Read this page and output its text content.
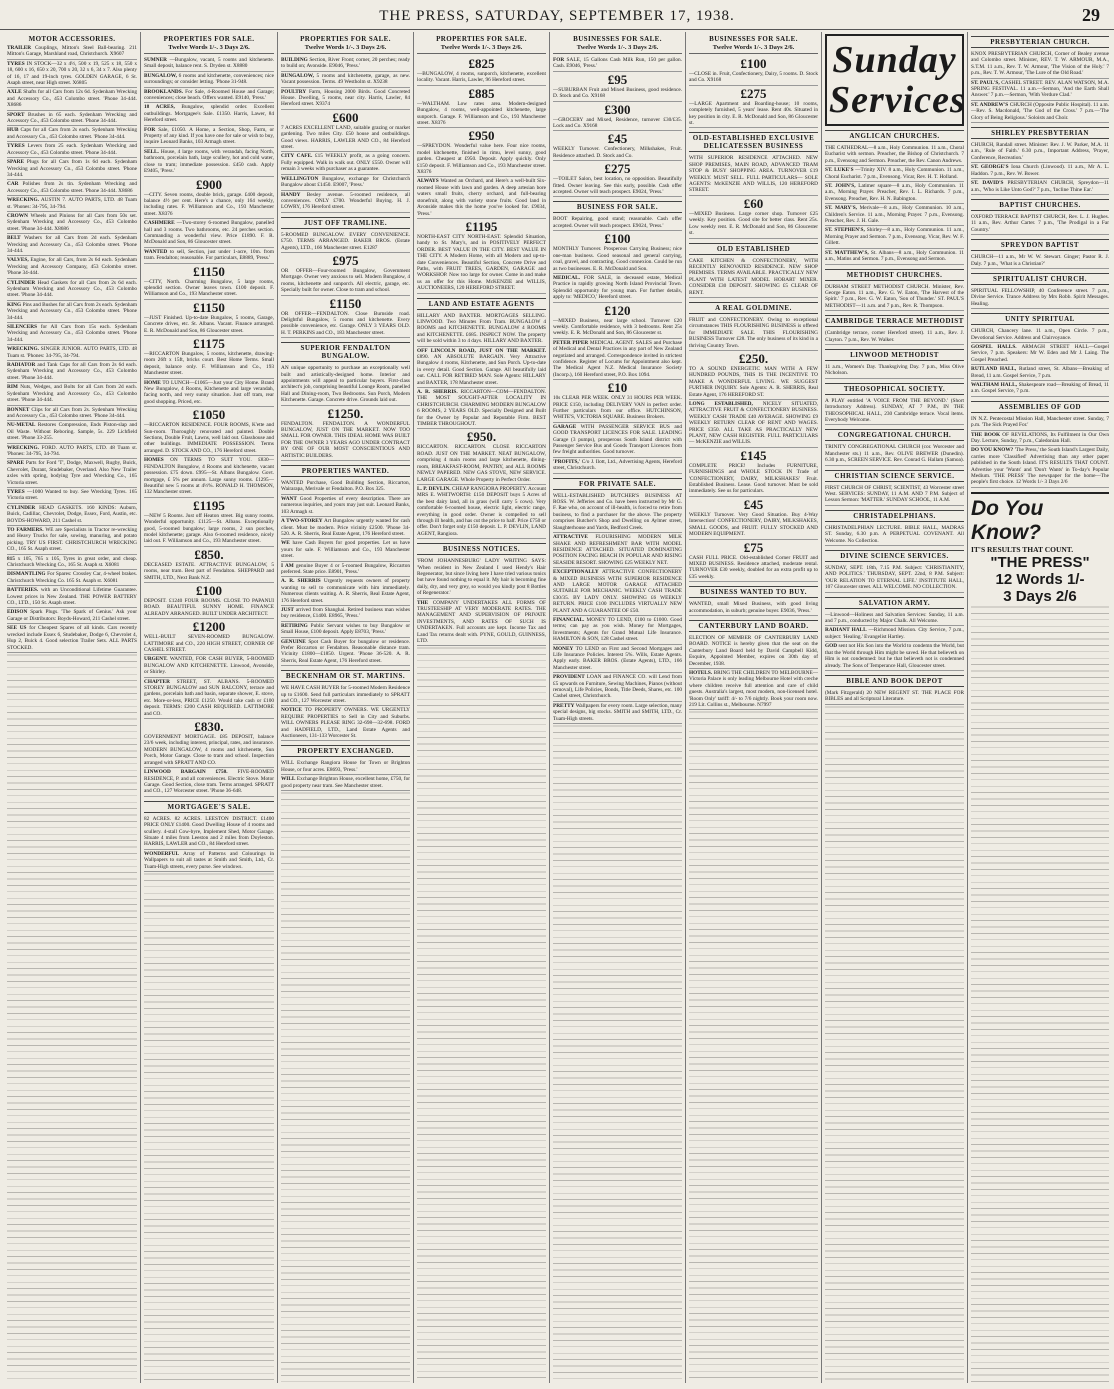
THE PRESS, SATURDAY, SEPTEMBER 17, 1938.	29
MOTOR ACCESSORIES.
TRAILER Couplings, Mitton's Steel Ball-bearing. 211 Mitton's Garage, Marshland road, Christchurch. X9607
TYRES IN STOCK—32 x 4½, 500 x 19, 525 x 18, 550 x 18, 600 x 16, 650 x 20, 700 x 20, 32 x 6, 34 x 7. Also plenty of 16, 17 and 19-inch tyres. GOLDEN GARAGE, 6 St. Asaph street, near High street. X6805
AXLE Shafts for all Cars from 12s 6d. Sydenham Wrecking and Accessory Co., 453 Colombo street. 'Phone 34-444. X8686
SPORT Brushes in 65 each. Sydenham Wrecking and Accessory Co., 453 Colombo street. 'Phone 34-444.
HUB Caps for all Cars from 2s each. Sydenham Wrecking and Accessory Co., 453 Colombo street. 'Phone 34-444.
TYRES Levers from 25 each. Sydenham Wrecking and Accessory Co., 453 Colombo street. 'Phone 34-444.
SPARE Plugs for all Cars from 1s 6d each. Sydenham Wrecking and Accessory Co., 453 Colombo street. 'Phone 34-444.
CAR Polishes from 2s tin. Sydenham Wrecking and Accessory Co., 453 Colombo street. 'Phone 34-444. X8686
WRECKING. AUSTIN 7. AUTO PARTS, LTD. 48 Tuam st. 'Phones: 34-795, 34-794.
CROWN Wheels and Pinions for all Cars from 50s set. Sydenham Wrecking and Accessory Co., 453 Colombo street. 'Phone 34-444. X8686
BELT Washers for all Cars from 2d each. Sydenham Wrecking and Accessory Co., 453 Colombo street. 'Phone 34-444.
VALVES, Engine, for all Cars, from 2s 6d each. Sydenham Wrecking and Accessory Company, 453 Colombo street. 'Phone 34-444.
CYLINDER Head Gaskets for all Cars from 2s 6d each. Sydenham Wrecking and Accessory Co., 453 Colombo street. 'Phone 34-444.
KING Pins and Bushes for all Cars from 2s each. Sydenham Wrecking and Accessory Co., 453 Colombo street. 'Phone 34-444.
SILENCERS for All Cars from 15s each. Sydenham Wrecking and Accessory Co., 453 Colombo street. 'Phone 34-444.
WRECKING. SINGER JUNIOR. AUTO PARTS, LTD. 48 Tuam st. 'Phones: 34-795, 34-794.
RADIATOR and Tank Caps for all Cars from 2s 6d each. Sydenham Wrecking and Accessory Co., 453 Colombo street. 'Phone 34-444.
RIM Nuts, Wedges, and Bolts for all Cars from 2d each. Sydenham Wrecking and Accessory Co., 453 Colombo street. 'Phone 34-444.
BONNET Clips for all Cars from 2s. Sydenham Wrecking and Accessory Co., 453 Colombo street. 'Phone 34-444.
NU-METAL Restores Compression, Ends Piston-slap and Oil Waste. Without Reboring. Sample, 5s. 229 Lichfield street. 'Phone 33-255.
WRECKING. FORD. AUTO PARTS, LTD. 48 Tuam st. 'Phones: 34-795, 34-794.
SPARE Parts for Ford 'T', Dodge, Maxwell, Rugby, Buick, Chevrolet, Durant, Studebaker, Overland. Also New Trailer axles with spring, bodying Tyre and Wrecking Co., 165 Victoria street.
TYRES —1000 Wanted to buy. See Wrecking Tyres. 165 Victoria street.
CYLINDER HEAD GASKETS. 160 KINDS: Auburn, Buick, Cadillac, Chevrolet, Dodge, Essex, Ford, Austin, etc. BOYDS-HOWARD, 211 Cashel st.
TO FARMERS. WE are Specialists in Tractor re-wrecking and Heavy Trucks for sale, sowing, manuring, and potato picking. TRY US FIRST. CHRISTCHURCH WRECKING CO., 165 St. Asaph street.
815 x 105, 765 x 105, Tyres in great order, and cheap. Christchurch Wrecking Co., 165 St. Asaph st. X6081
DISMANTLING For Spares: Crossley Car, 4-wheel brakes. Christchurch Wrecking Co. 165 St. Asaph st. X6081
BATTERIES. with an Unconditional Lifetime Guarantee. Lowest prices in New Zealand. THE POWER BATTERY CO., LTD., 150 St. Asaph street.
EDISON Spark Plugs. 'The Spark of Genius.' Ask your Garage or Distributors: Boyds-Howard, 211 Cashel street.
SEE US for Cheapest Spares of all kinds. Cars recently wrecked include Essex 6, Studebaker, Dodge 6, Chevrolet 4, Hup 2, Buick 4. Good selection Trailer Sets. ALL PARTS STOCKED.
PROPERTIES FOR SALE.
Twelve Words 1/-. 3 Days 2/6.
SUMNER —Bungalow, vacant, 5 rooms and kitchenette. Small deposit, balance rent. S. Dryden st. X8880
BUNGALOW, 6 rooms and kitchenette, conveniences; nice surroundings; or consider letting. 'Phone 31-948.
BROOKLANDS. For Sale, 4-Roomed House and Garage; conveniences; close beach. Offers wanted. E9140, 'Press.'
18 ACRES, Bungalow, splendid order. Excellent outbuildings. Mortgagee's Sale. £1350. Harris, Lawer, 84 Hereford street.
FOR Sale, £1050. A Home, a Section, Shop, Farm, or Property of any kind. If you have one for sale or wish to buy, inquire Leonard Banks, 103 Armagh street.
SELL. House, 4 large rooms, with verandah, facing North, bathroom, porcelain bath, large scullery, hot and cold water, close to tram; immediate possession. £450 cash. Apply E9405, 'Press.'
£900
—CITY. Seven rooms, double brick, garage. £400 deposit, balance 4½ per cent. Here's a chance, only 164 weekly, including rates. F. Williamson and Co., 193 Manchester street. X8376
CASHMERE —Two-storey 6-roomed Bungalow, panelled hall and 3 rooms. Two bathrooms, etc. 24 perches section. Commanding a wonderful view. Price £1890. F. R. McDonald and Son, 86 Gloucester street.
WANTED to sell, Section, just under 1-acre, 10m. from tram. Fendalton; reasonable. For particulars, E8889, 'Press.'
£1150
—CITY, North. Charming Bungalow, 5 large rooms, splendid section. Owner leaves town. £100 deposit. F. Williamson and Co., 193 Manchester street.
£1150
—JUST Finished. Up-to-date Bungalow, 5 rooms, Garage, Concrete drives, etc. St. Albans. Vacant. Finance arranged. E. R. McDonald and Son, 86 Gloucester street.
£1175
—RICCARTON Bungalow, 5 rooms, kitchenette, drawing-room 26ft x 15ft, bricks court. Best Home Terms. Small deposit, balance only. F. Williamson and Co., 193 Manchester street.
HOME TO LUNCH—£1065—Just your City Home. Brand New Bungalow, 4 Rooms, Kitchenette and large verandah, facing north, and very sunny situation. Just off tram, rear good shopping. Priced, etc.
£1050
—RICCARTON RESIDENCE. FOUR ROOMS, K'ette and Sun-room. Thoroughly renovated and painted. Double Sections, Double Fruit, Lawns, well laid out. Glasshouse and other buildings. IMMEDIATE POSSESSION. Terms arranged. D. STOCK AND CO., 176 Hereford street.
HOMES ON TERMS TO SUIT YOU. £830—FENDALTON Bungalow, 4 Rooms and kitchenette, vacant possession. £75 down. £995—St. Albans Bungalow. Govt. mortgage, £ 5% per annum. Large sunny rooms. £1295—Beautiful new 5 rooms at 4½%. RONALD H. THOMSON, 132 Manchester street.
£1195
—NEW 5 Rooms. Just off Heaton street. Big sunny rooms. Wonderful opportunity. £1125—St. Albans. Exceptionally good, 5-roomed bungalow; large rooms, 2 sun porches, model kitchenette; garage. Also 6-roomed residence, nicely laid out. F. Williamson and Co., 193 Manchester street.
£850.
DECEASED ESTATE. ATTRACTIVE BUNGALOW, 5 rooms, near tram. Best part of Fendalton. SHEPPARD and SMITH, LTD., Next Bank N.Z.
£100
DEPOSIT. £1240 FOUR ROOMS. CLOSE TO PAPANUI ROAD. BEAUTIFUL SUNNY HOME. FINANCE ALREADY ARRANGED. BUILT UNDER ARCHITECT.
£1200
WELL-BUILT SEVEN-ROOMED BUNGALOW. LATTIMORE and CO., 220 HIGH STREET, CORNER OF CASHEL STREET.
URGENT. WANTED, FOR CASH BUYER, 5-ROOMED BUNGALOW AND KITCHENETTE. Linwood, Avonside, or Shirley.
CHAPTER STREET, ST. ALBANS. 5-ROOMED STOREY BUNGALOW and SUN BALCONY, terrace and gardens, porcelain bath and basin, separate shower, E. stove, etc. More-or-less, PRICE £1250. Would take cash or £100 deposit. TERMS: £200 CASH REQUIRED. LATTIMORE and CO.
£830.
GOVERNMENT MORTGAGE. £85 DEPOSIT, balance 23/6 week, including interest, principal, rates, and insurance. MODERN BUNGALOW, 4 rooms and kitchenette, Sun Porch, Motor Garage. Close to tram and school. Inspection arranged with SPRATT AND CO.
LINWOOD BARGAIN £750. FIVE-ROOMED RESIDENCE, P. and all conveniences. Electric Stove. Motor Garage. Good Section, close tram. Terms arranged. SPRATT and CO., 127 Worcester street. 'Phone 36-648.
MORTGAGEE'S SALE.
82 ACRES. 82 ACRES. LEESTON DISTRICT. £1400 PRICE ONLY £1400. Good Dwelling House of 4 rooms and scullery. 4-stall Cow-byre, Implement Shed, Motor Garage. Situate 4 miles from Leeston and 2 miles from Doyleston. HARRIS, LAWLER and CO., 84 Hereford street.
WONDERFUL Array of Patterns and Colourings in Wallpapers to suit all tastes at Smith and Smith, Ltd., Cr. Tuam-High streets, every purse. See windows.
PROPERTIES FOR SALE.
Twelve Words 1/-. 3 Days 2/6.
BUILDING Section, River Front; corner, 20 perches; ready to build on; Avonside. E9046, 'Press.'
BUNGALOW, 5 rooms and kitchenette, garage, as new. Vacant possession. Terms. 49 Westholm st. X9238
POULTRY Farm, Housing 2000 Birds. Good Concreted House. Dwelling, 5 rooms, near city. Harris, Lawler, 84 Hereford street. X9374
£600
7 ACRES EXCELLENT LAND, suitable grazing or market gardening. Two miles City. £50 house and outbuildings. Good views. HARRIS, LAWLER AND CO., 84 Hereford street.
CITY CAFE. £15 WEEKLY profit, as a going concern. Fully equipped. Walk in walk out. ONLY £550. Owner will remain 3 weeks with purchaser as a guarantee.
WELLINGTON Bungalow, exchange for Christchurch Bungalow about £1450. E9007, 'Press.'
HANDY Besley avenue. 5-roomed residence, all conveniences. ONLY £700. Wonderful Buying. H. J. LOWRY, 176 Hereford street.
JUST OFF TRAMLINE.
5-ROOMED BUNGALOW. EVERY CONVENIENCE. £750. TERMS ARRANGED. BAKER BROS. (Estate Agents), LTD., 166 Manchester street. E1287
£975
OR OFFER—Four-roomed Bungalow, Government Mortgage. Owner very anxious to sell. Modern Bungalow, 4 rooms, kitchenette and sunporch. All electric, garage, etc. Specially built for owner. Close to tram and school.
£1150
OR OFFER—FENDALTON. Close Burnside road. Delightful Bungalow, 5 rooms and kitchenette. Every possible convenience, etc. Garage. ONLY 3 YEARS OLD. H. T. PERKINS and CO., 183 Manchester street.
SUPERIOR FENDALTON BUNGALOW.
AN unique opportunity to purchase an exceptionally well built and artistically-designed home. Interior and appointments will appeal to particular buyers. First-class architect's job, comprising beautiful Lounge Room, panelled Hall and Dining-room, Two Bedrooms. Sun Porch, Modern Kitchenette. Garage. Concrete drive. Grounds laid out.
£1250.
FENDALTON. FENDALTON. A WONDERFUL BUNGALOW, JUST ON THE MARKET. NOW TOO SMALL FOR OWNER. THIS IDEAL HOME WAS BUILT FOR THE OWNER 3 YEARS AGO UNDER CONTRACT BY ONE OF OUR MOST CONSCIENTIOUS AND ARTISTIC BUILDERS.
PROPERTIES WANTED.
WANTED Purchase, Good Building Section, Riccarton, Wairarapa, Merivale or Fendalton. P.O. Box 325.
WANT Good Properties of every description. There are numerous inquiries, and yours may just suit. Leonard Banks, 103 Armagh st.
A TWO-STOREY Art Bungalow urgently wanted for cash client. Must be modern. Price vicinity £2500. 'Phone 34-520. A. R. Sherris, Real Estate Agent, 176 Hereford street.
WE have Cash Buyers for good properties. Let us have yours for sale. F. Williamson and Co., 193 Manchester street.
I AM genuine Buyer 4 or 5-roomed Bungalow, Riccarton preferred. State price. E8901, 'Press.'
A. R. SHERRIS Urgently requests owners of property wanting to sell to communicate with him immediately. Numerous clients waiting. A. R. Sherris, Real Estate Agent, 176 Hereford street.
JUST arrived from Shanghai. Retired business man wishes buy residence, £1400. E8965, 'Press.'
RETIRING Public Servant wishes to buy Bungalow or Small House, £100 deposit. Apply E8703, 'Press.'
GENUINE Spot Cash Buyer for bungalow or residence. Prefer Riccarton or Fendalton. Reasonable distance tram. Vicinity £1800—£1850. Urgent. 'Phone 36-520. A. R. Sherris, Real Estate Agent, 176 Hereford street.
BECKENHAM OR ST. MARTINS.
WE HAVE CASH BUYER for 5-roomed Modern Residence up to £1600. Send full particulars immediately to SPRATT and CO., 127 Worcester street.
NOTICE TO PROPERTY OWNERS. WE URGENTLY REQUIRE PROPERTIES to Sell in City and Suburbs. WILL OWNERS PLEASE RING 32-698—32-698. FORD and HADFIELD, LTD., Land Estate Agents and Auctioneers, 131-133 Worcester St.
PROPERTY EXCHANGED.
WILL Exchange Rangiora House for Town or Brighton House, or four acres. E8693, 'Press.'
WILL Exchange Brighton House, excellent home, £750, for good property near tram. See Manchester street.
PROPERTIES FOR SALE.
Twelve Words 1/-. 3 Days 2/6.
£825
—BUNGALOW, 4 rooms, sunporch, kitchenette, excellent locality. Vacant. Harris, Lawler, 96 Hereford street.
£885
—WALTHAM. Low rates area. Modern-designed Bungalow, 4 rooms, well-appointed kitchenette, large sunporch. Garage. F. Williamson and Co., 193 Manchester street. X8376
£950
—SPREYDON. Wonderful value here. Four nice rooms, model kitchenette, finished in rimu, level sunny, good garden. Cheapest at £950. Deposit. Apply quickly. Only £150 deposit. F. Williamson and Co., 193 Manchester street. X8376
ALWAYS Wanted an Orchard, and Here's a well-built Six-roomed House with lawn and garden. A deep artesian bore waters small fruits, cherry orchard, and full-bearing stonefruit, along with variety stone fruits. Good land in Avonside makes this the home you've looked for. £9034, 'Press.'
£1195
NORTH-EAST CITY NORTH-EAST. Splendid Situation, handy to St. Mary's, and in POSITIVELY PERFECT ORDER. BEST VALUE IN THE CITY. BEST VALUE IN THE CITY. A Modern Home, with all Modern and up-to-date Conveniences. Beautiful Section, Concrete Drive and Paths, with FRUIT TREES, GARDEN, GARAGE and WORKSHOP. Now too large for owner. Come in and make us an offer for this Home. McKENZIE and WILLIS, AUCTIONEERS, 120 HEREFORD STREET.
LAND AND ESTATE AGENTS
HILLARY AND BAXTER. MORTGAGES SELLING. LINWOOD. Two Minutes From Tram. BUNGALOW 4 ROOMS and KITCHENETTE. BUNGALOW 4 ROOMS and KITCHENETTE. £685. INSPECT NOW. The property will be sold within 3 to 4 days. HILLARY AND BAXTER.
OFF LINCOLN ROAD, JUST ON THE MARKET. £890. AN ABSOLUTE BARGAIN. Very Attractive Bungalow 4 rooms, Kitchenette, and Sun Porch. Up-to-date in every detail. Good Section. Garage. All beautifully laid out. CALL FOR RETIRED MAN. Sole Agents: HILLARY and BAXTER, 178 Manchester street.
A. R. SHERRIS. RICCARTON—COM—FENDALTON. THE MOST SOUGHT-AFTER LOCALITY IN CHRISTCHURCH. CHARMING MODERN BUNGALOW 6 ROOMS, 2 YEARS OLD. Specially Designed and Built for the Owner by Popular and Reputable Firm. BEST TIMBER THROUGHOUT.
£950.
RICCARTON. RICCARTON. CLOSE RICCARTON ROAD. JUST ON THE MARKET. NEAT BUNGALOW, comprising 4 main rooms and large kitchenette, dining-room, BREAKFAST-ROOM, PANTRY, and ALL ROOMS NEWLY PAPERED. NEW GAS STOVE, NEW SERVICE. LARGE GARAGE. Whole Property in Perfect Order.
L. P. DEVLIN. CHEAP RANGIORA PROPERTY. Account MRS E. WHITWORTH: £150 DEPOSIT buys 5 Acres of the best dairy land, all in grass (will carry 5 cows). Very comfortable 6-roomed house, electric light, electric range, everything in good order. Owner is compelled to sell through ill health, and has cut the price to half. Price £750 or offer. Don't forget only £150 deposit. L. P. DEVLIN, LAND AGENT, Rangiora.
BUSINESS NOTICES.
'FROM JOHANNESBURG' LADY WRITING SAYS: 'When resident in New Zealand I used Hendy's Hair Regenerator, but since living here I have tried various tonics but have found nothing to equal it. My hair is becoming fine daily, dry, and very grey, so would you kindly post 8 Bottles of Regenerator.'
THE COMPANY UNDERTAKES ALL FORMS OF TRUSTEESHIP AT VERY MODERATE RATES. THE MANAGEMENT AND SUPERVISION OF PRIVATE INVESTMENTS, AND RATES OF SUCH IS UNDERTAKEN. Full accounts are kept. Income Tax and Land Tax returns dealt with. PYNE, GOULD, GUINNESS, LTD.
BUSINESSES FOR SALE.
Twelve Words 1/-. 3 Days 2/6.
FOR SALE, 15 Gallons Cash Milk Run, 150 per gallon. Cash. E9046, 'Press.'
£95
—SUBURBAN Fruit and Mixed Business, good residence. D. Stock and Co. X9168
£300
—GROCERY and Mixed, Residence, turnover £30/£35. Lock and Co. X9168
£45
WEEKLY Turnover. Confectionery, Milkshakes, Fruit. Residence attached. D. Stock and Co.
£275
—TOILET Salon, best location, no opposition. Beautifully fitted. Owner leaving. See this early, possible. Cash offer accepted. Owner will teach prospect. E9024, 'Press.'
BUSINESS FOR SALE.
BOOT Repairing, good stand; reasonable. Cash offer accepted. Owner will teach prospect. E9024, 'Press.'
£100
MONTHLY Turnover. Prosperous Carrying Business; nice one-man business. Good seasonal and general carrying, coal, gravel, and contracting. Good connexion. Could be run as two businesses. E. R. McDonald and Son.
MEDICAL. FOR SALE, in deceased estate, Medical Practice in rapidly growing North Island Provincial Town. Splendid opportunity for young man. For further details, apply to: 'MEDICO,' Hereford street.
£120
—MIXED Business, near large school. Turnover £20 weekly. Comfortable residence, with 3 bedrooms. Rent 25s weekly. E. R. McDonald and Son, 86 Gloucester st.
PETER PIPER MEDICAL AGENT. SALES and Purchase of Medical and Dental Practices in any part of New Zealand negotiated and arranged. Correspondence invited in strictest confidence. Register of Locums for Appointment also kept. The Medical Agent N.Z. Medical Insurance Society (Incorp.), 160 Hereford street, P.O. Box 1094.
£10
10s CLEAR PER WEEK. ONLY 31 HOURS PER WEEK. PRICE £150, including DELIVERY VAN in perfect order. Further particulars from our office. HUTCHINSON, WHITE'S, VICTORIA SQUARE. Business Brokers.
GARAGE WITH PASSENGER SERVICE BUS and GOOD TRANSPORT LICENCES FOR SALE. LEADING Garage (3 pumps), prosperous South Island district with Passenger Service Bus and Goods Transport Licences from few freight authorities. Good turnover.
'PROFITS,' C/o J. Ilott, Ltd., Advertising Agents, Hereford street, Christchurch.
FOR PRIVATE SALE.
WELL-ESTABLISHED BUTCHER'S BUSINESS AT ROSS. W. Jefferies and Co. have been instructed by Mr G. F. Rae who, on account of ill-health, is forced to retire from business, to find a purchaser for the above. The property comprises Butcher's Shop and Dwelling on Aylmer street, Slaughterhouse and Yards, Bedford Creek.
ATTRACTIVE FLOURISHING MODERN MILK SHAKE AND REFRESHMENT BAR WITH MODEL RESIDENCE ATTACHED. SITUATED DOMINATING POSITION FACING BEACH IN POPULAR AND RISING SEASIDE RESORT. SHOWING £25 WEEKLY NET.
EXCEPTIONALLY ATTRACTIVE CONFECTIONERY & MIXED BUSINESS WITH SUPERIOR RESIDENCE AND LARGE MOTOR GARAGE ATTACHED SUITABLE FOR MECHANIC. WEEKLY CASH TRADE £30/35. BY LADY ONLY. SHOWING £6 WEEKLY RETURN. PRICE £100 INCLUDES VIRTUALLY NEW PLANT AND A GUARANTEE OF £50.
FINANCIAL. MONEY TO LEND, £100 to £1000. Good terms; can pay as you wish. Money for Mortgages, Investments; Agents for Grand Mutual Life Insurance. HAMILTON & SON, 128 Cashel street.
MONEY TO LEND on First and Second Mortgages and Life Insurance Policies. Interest 5%. Wills, Estate Agents. Apply early. BAKER BROS. (Estate Agents), LTD., 166 Manchester street.
PROVIDENT LOAN and FINANCE CO. will Lend from £5 upwards on Furniture, Sewing Machines, Pianos (without removal), Life Policies, Bonds, Title Deeds, Shares, etc. 100 Cashel street, Christchurch.
PRETTY Wallpapers for every room. Large selection, many special designs, big stocks. SMITH and SMITH, LTD., Cr. Tuam-High streets.
BUSINESSES FOR SALE.
Twelve Words 1/-. 3 Days 2/6.
£100
—CLOSE in. Fruit, Confectionery, Dairy, 5 rooms. D. Stock and Co. X9168
£275
—LARGE Apartment and Boarding-house; 10 rooms, completely furnished, 5 years' lease. Rent 40s. Situated in key position in city. E. R. McDonald and Son, 86 Gloucester st.
OLD-ESTABLISHED EXCLUSIVE DELICATESSEN BUSINESS
WITH SUPERIOR RESIDENCE ATTACHED. NEW SHOP PREMISES, MAIN ROAD, ADVANCED TRAM STOP & BUSY SHOPPING AREA. TURNOVER £19 WEEKLY. MUST SELL. FULL PARTICULARS— SOLE AGENTS: McKENZIE AND WILLIS, 120 HEREFORD STREET.
£60
—MIXED Business. Large corner shop. Turnover £25 weekly. Key position. Good site for better class. Rent 25s. Low weekly rent. E. R. McDonald and Son, 86 Gloucester st.
OLD ESTABLISHED
CAKE KITCHEN & CONFECTIONERY, WITH RECENTLY RENOVATED RESIDENCE. NEW SHOP PREMISES. TERMS AVAILABLE. PRACTICALLY NEW PLANT WITH LATEST MODEL HOBART MIXER. CONSIDER £30 DEPOSIT. SHOWING £5 CLEAR OF RENT.
A REAL GOLDMINE.
FRUIT and CONFECTIONERY. Owing to exceptional circumstances THIS FLOURISHING BUSINESS is offered for IMMEDIATE SALE. THIS FLOURISHING BUSINESS Turnover £28. The only business of its kind in a thriving Country Town.
£250.
TO A SOUND ENERGETIC MAN WITH A FEW HUNDRED POUNDS, THIS IS THE INCENTIVE TO MAKE A WONDERFUL LIVING. WE SUGGEST FURTHER INQUIRY. Sole Agents: A. R. SHERRIS, Real Estate Agent, 176 HEREFORD ST.
LONG ESTABLISHED, NICELY SITUATED, ATTRACTIVE FRUIT & CONFECTIONERY BUSINESS. WEEKLY CASH TRADE £40 AVERAGE. SHOWING £9 WEEKLY RETURN CLEAR OF RENT AND WAGES. PRICE £350. ALL TAKE AS PRACTICALLY NEW PLANT, NEW CASH REGISTER. FULL PARTICULARS— McKENZIE and WILLIS.
£145
COMPLETE PRICE! Includes FURNITURE, FURNISHINGS and WHOLE STOCK IN Trade of 'CONFECTIONERY, DAIRY, MILKSHAKES' Fruit. Established Business. Lease. Good turnover. Must be sold immediately. See us for particulars.
£45
WEEKLY Turnover. Very Good Situation. Buy 4-Way Intersection! CONFECTIONERY, DAIRY, MILKSHAKES, SMALL GOODS, and FRUIT. FULLY STOCKED AND MODERN EQUIPMENT.
£75
CASH FULL PRICE. Old-established Corner FRUIT and MIXED BUSINESS. Residence attached, moderate rental. TURNOVER £30 weekly, doubled for an extra profit up to £35 weekly.
BUSINESS WANTED TO BUY.
WANTED, small Mixed Business, with good living accommodation, in suburb; genuine buyer. E9036, 'Press.'
CANTERBURY LAND BOARD.
ELECTION OF MEMBER OF CANTERBURY LAND BOARD. NOTICE is hereby given that the seat on the Canterbury Land Board held by David Campbell Kidd, Esquire, Appointed Member, expires on 30th day of December, 1938.
HOTELS. BRING THE CHILDREN TO MELBOURNE—Victoria Palace is only leading Melbourne Hotel with creche where children receive full attention and care of child guests. Australia's largest, most modern, non-licensed hotel. 'Room Only' tariff: 4/- to 7/6 nightly. Book your room now. 219 Lit. Collins st., Melbourne. N7997
Sunday Services
ANGLICAN CHURCHES.
THE CATHEDRAL—8 a.m., Holy Communion. 11 a.m., Choral Eucharist with sermon. Preacher, the Bishop of Christchurch. 7 p.m., Evensong and Sermon. Preacher, the Rev. Canon Andrews.
ST. LUKE'S —Trinity XIV. 8 a.m., Holy Communion. 11 a.m., Choral Eucharist. 7 p.m., Evensong. Vicar, Rev. H. T. Holland.
ST. JOHN'S, Latimer square—8 a.m., Holy Communion. 11 a.m., Morning Prayer. Preacher, Rev. I. L. Richards. 7 p.m., Evensong. Preacher, Rev. H. N. Babington.
ST. MARY'S, Merivale—8 a.m., Holy Communion. 10 a.m., Children's Service. 11 a.m., Morning Prayer. 7 p.m., Evensong. Preacher, Rev. J. H. Gale.
ST. STEPHEN'S, Shirley—8 a.m., Holy Communion. 11 a.m., Morning Prayer and Sermon. 7 p.m., Evensong. Vicar, Rev. W. F. Gillett.
ST. MATTHEW'S, St. Albans—8 a.m., Holy Communion. 11 a.m., Matins and Sermon. 7 p.m., Evensong and Sermon.
METHODIST CHURCHES.
DURHAM STREET METHODIST CHURCH. Minister, Rev. George Eaton. 11 a.m., Rev. G. W. Eaton, 'The Harvest of the Spirit.' 7 p.m., Rev. G. W. Eaton, 'Son of Thunder.' ST. PAUL'S METHODIST—11 a.m. and 7 p.m., Rev. R. Thompson.
CAMBRIDGE TERRACE METHODIST
(Cambridge terrace, corner Hereford street). 11 a.m., Rev. J. Clayton. 7 p.m., Rev. W. Walker.
LINWOOD METHODIST
11 a.m., Women's Day. Thanksgiving Day. 7 p.m., Miss Olive Nicholson.
THEOSOPHICAL SOCIETY.
A PLAY entitled 'A VOICE FROM THE BEYOND.' (Short Introductory Address). SUNDAY, AT 7 P.M., IN THE THEOSOPHICAL HALL, 230 Cambridge terrace. Vocal items. Everybody Welcome.
CONGREGATIONAL CHURCH.
TRINITY CONGREGATIONAL CHURCH (cor. Worcester and Manchester sts.) 11 a.m., Rev. OLIVE BREWER (Dunedin). 6.30 p.m., SCREEN SERVICE. Rev. Conrad G. Hallam (Samoa).
CHRISTIAN SCIENCE SERVICE.
FIRST CHURCH OF CHRIST, SCIENTIST, 43 Worcester street West. SERVICES: SUNDAY, 11 A.M. AND 7 P.M. Subject of Lesson Sermon: 'MATTER.' SUNDAY SCHOOL, 11 A.M.
CHRISTADELPHIANS.
CHRISTADELPHIAN LECTURE. BIBLE HALL, MADRAS ST. Sunday, 6.30 p.m. A PERPETUAL COVENANT. All Welcome. No Collection.
DIVINE SCIENCE SERVICES.
SUNDAY, SEPT. 18th, 7.15 P.M. Subject: 'CHRISTIANITY, AND POLITICS.' THURSDAY, SEPT. 22nd, 8 P.M. Subject: 'OUR RELATION TO ETERNAL LIFE.' INSTITUTE HALL, 107 Gloucester street. ALL WELCOME. NO COLLECTION.
SALVATION ARMY.
—Linwood—Holiness and Salvation Services: Sunday, 11 a.m. and 7 p.m., conducted by Major Chalk. All Welcome.
RADIANT HALL —Richmond Mission. City Service, 7 p.m., subject: 'Healing.' Evangelist Hartley.
GOD sent not His Son into the World to condemn the World, but that the World through Him might be saved. He that believeth on Him is not condemned: but he that believeth not is condemned already. The Sons of Temperance Hall, Gloucester street.
BIBLE AND BOOK DEPOT
(Mark Fitzgerald) 20 NEW REGENT ST. THE PLACE FOR BIBLES and all Scriptural Literature.
PRESBYTERIAN CHURCH.
KNOX PRESBYTERIAN CHURCH, Corner of Bealey avenue and Colombo street. Minister, REV. T. W. ARMOUR, M.A., S.T.M. 11 a.m., Rev. T. W. Armour, 'The Vision of the Holy.' 7 p.m., Rev. T. W. Armour, 'The Lure of the Old Road.'
ST. PAUL'S, CASHEL STREET. REV. ALAN WATSON, M.A. SPRING FESTIVAL. 11 a.m.—Sermon, 'And the Earth Shall Answer.' 7 p.m.—Sermon, 'With Verdure Clad.'
ST. ANDREW'S CHURCH (Opposite Public Hospital). 11 a.m.—Rev. S. Macdonald, 'The God of the Cross.' 7 p.m.—'The Glory of Being Religious.' Soloists and Choir.
SHIRLEY PRESBYTERIAN
CHURCH, Randall street. Minister: Rev. J. W. Parker, M.A. 11 a.m., 'Rule of Faith.' 6.30 p.m., Important Address, 'Prayer, Conference, Recreation.'
ST. GEORGE'S Iona Church (Linwood). 11 a.m., Mr A. L. Haddon. 7 p.m., Rev. W. Bower.
ST. DAVID'S PRESBYTERIAN CHURCH, Spreydon—11 a.m., 'Who is Like Unto God?' 7 p.m., 'Incline Thine Ear.'
BAPTIST CHURCHES.
OXFORD TERRACE BAPTIST CHURCH, Rev. L. J. Hughes. 11 a.m., Rev. Arthur Carter. 7 p.m., 'The Prodigal in a Far Country.'
SPREYDON BAPTIST
CHURCH—11 a.m., Mr W. W. Stewart. Ginger; Pastor R. J. Daly. 7 p.m., 'What is a Christian?'
SPIRITUALIST CHURCH.
SPIRITUAL FELLOWSHIP, 40 Conference street. 7 p.m., Divine Service. Trance Address by Mrs Robb. Spirit Messages. Healing.
UNITY SPIRITUAL
CHURCH, Chancery lane. 11 a.m., Open Circle. 7 p.m., Devotional Service. Address and Clairvoyance.
GOSPEL HALLS. ARMAGH STREET HALL—Gospel Service, 7 p.m. Speakers: Mr W. Eden and Mr J. Laing. The Gospel Preached.
RUTLAND HALL, Rutland street, St. Albans—Breaking of Bread, 11 a.m. Gospel Service, 7 p.m.
WALTHAM HALL, Shakespeare road—Breaking of Bread, 11 a.m. Gospel Service, 7 p.m.
ASSEMBLIES OF GOD
IN N.Z. Pentecostal Mission Hall, Manchester street. Sunday, 7 p.m. 'The Sick Prayed For.'
THE BOOK OF REVELATIONS, Its Fulfilment in Our Own Day. Lecture, Sunday, 7 p.m., Caledonian Hall.
DO YOU KNOW? 'The Press,' the South Island's Largest Daily, carries more 'Classified' Advertising than any other paper published in the South Island. IT'S RESULTS THAT COUNT. Advertise your 'Wants' and 'Don't Wants' in To-day's Popular Medium. 'THE PRESS' The newspaper for the home—The people's first choice. 12 Words 1/- 3 Days 2/6
Do You Know?
IT'S RESULTS THAT COUNT.
"THE PRESS"
12 Words 1/-
3 Days 2/6
